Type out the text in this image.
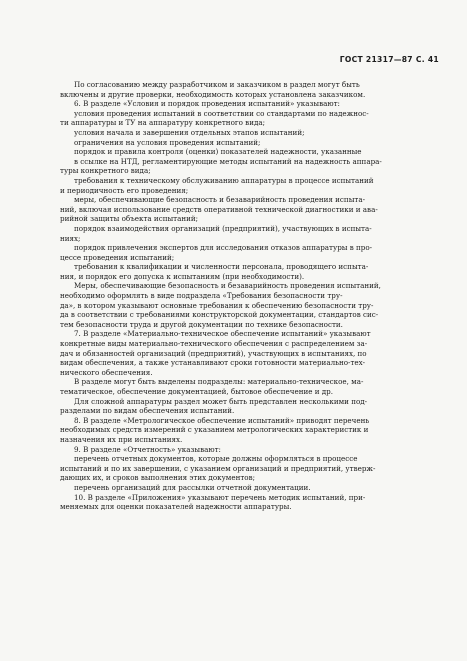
ГОСТ 21317—87 С. 41
По согласованию между разработчиком и заказчиком в раздел могут быть
включены и другие проверки, необходимость которых установлена заказчиком.
6. В разделе «Условия и порядок проведения испытаний» указывают:
условия проведения испытаний в соответствии со стандартами по надежнос-
ти аппаратуры и ТУ на аппаратуру конкретного вида;
условия начала и завершения отдельных этапов испытаний;
ограничения на условия проведения испытаний;
порядок и правила контроля (оценки) показателей надежности, указанные
в ссылке на НТД, регламентирующие методы испытаний на надежность аппара-
туры конкретного вида;
требования к техническому обслуживанию аппаратуры в процессе испытаний
и периодичность его проведения;
меры, обеспечивающие безопасность и безаварийность проведения испыта-
ний, включая использование средств оперативной технической диагностики и ава-
рийной защиты объекта испытаний;
порядок взаимодействия организаций (предприятий), участвующих в испыта-
ниях;
порядок привлечения экспертов для исследования отказов аппаратуры в про-
цессе проведения испытаний;
требования к квалификации и численности персонала, проводящего испыта-
ния, и порядок его допуска к испытаниям (при необходимости).
Меры, обеспечивающие безопасность и безаварийность проведения испытаний,
необходимо оформлять в виде подраздела «Требования безопасности тру-
да», в котором указывают основные требования к обеспечению безопасности тру-
да в соответствии с требованиями конструкторской документации, стандартов сис-
тем безопасности труда и другой документации по технике безопасности.
7. В разделе «Материально-техническое обеспечение испытаний» указывают
конкретные виды материально-технического обеспечения с распределением за-
дач и обязанностей организаций (предприятий), участвующих в испытаниях, по
видам обеспечения, а также устанавливают сроки готовности материально-тех-
нического обеспечения.
В разделе могут быть выделены подразделы: материально-техническое, ма-
тематическое, обеспечение документацией, бытовое обеспечение и др.
Для сложной аппаратуры раздел может быть представлен несколькими под-
разделами по видам обеспечения испытаний.
8. В разделе «Метрологическое обеспечение испытаний» приводят перечень
необходимых средств измерений с указанием метрологических характеристик и
назначения их при испытаниях.
9. В разделе «Отчетность» указывают:
перечень отчетных документов, которые должны оформляться в процессе
испытаний и по их завершении, с указанием организаций и предприятий, утверж-
дающих их, и сроков выполнения этих документов;
перечень организаций для рассылки отчетной документации.
10. В разделе «Приложения» указывают перечень методик испытаний, при-
меняемых для оценки показателей надежности аппаратуры.
